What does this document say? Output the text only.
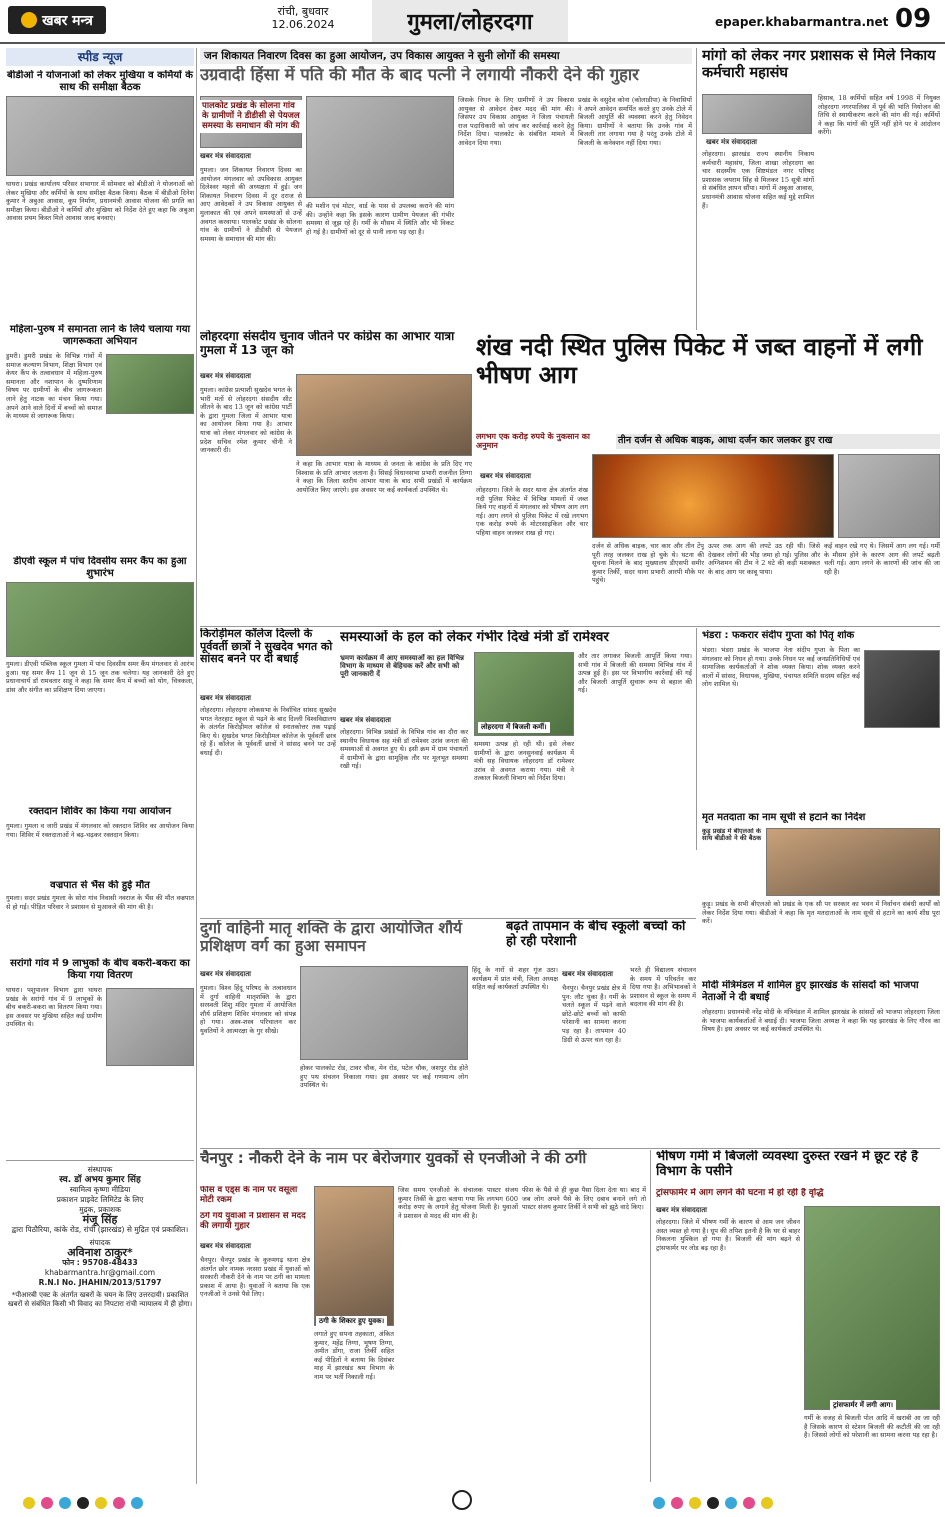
खबर मन्त्र
रांची, बुधवार
12.06.2024	गुमला/लोहरदगा	epaper.khabarmantra.net 09
स्पीड न्यूज
बीडीओ ने योजनाओं को लेकर मुखिया व कर्मियों के साथ की समीक्षा बैठक
घाघरा। प्रखंड कार्यालय परिसर सभागार में सोमवार को बीडीओ ने योजनाओं को लेकर मुखिया और कर्मियों के साथ समीक्षा बैठक किया। बैठक में बीडीओ दिनेश कुमार ने अबुआ आवास, कूप निर्माण, प्रधानमंत्री आवास योजना की प्रगति का समीक्षा किया। बीडीओ ने कर्मियों और मुखिया को निर्देश देते हुए कहा कि अबुआ आवास प्रथम किस्त मिले आवास जल्द बनवाएं।
महिला-पुरुष में समानता लाने के लिये चलाया गया जागरूकता अभियान
डुमरी। डुमरी प्रखंड के विभिन्न गांवों में समाज कल्याण विभाग, शिक्षा विभाग एवं केयर कैंप के तत्वावधान में महिला-पुरुष समानता और नशापान के दुष्परिणाम विषय पर ग्रामीणों के बीच जागरूकता लाने हेतु नाटक का मंचन किया गया। अपने आने वाले दिनों में बच्चों को समाज के माध्यम से जागरूक किया।
डीएवी स्कूल में पांच दिवसीय समर कैंप का हुआ शुभारंभ
गुमला। डीएवी पब्लिक स्कूल गुमला में पांच दिवसीय समर कैंप मंगलवार से आरंभ हुआ। यह समर कैंप 11 जून से 15 जून तक चलेगा। यह जानकारी देते हुए प्रधानाचार्य डॉ रामवतार साहू ने कहा कि समर कैंप में बच्चों को योग, चित्रकला, डांस और संगीत का प्रशिक्षण दिया जाएगा।
रक्तदान शिविर का किया गया आयोजन
गुमला। गुमला व जारी प्रखंड में मंगलवार को रक्तदान शिविर का आयोजन किया गया। शिविर में रक्तदाताओं ने बढ़-चढ़कर रक्तदान किया।
वज्रपात से भैंस की हुई मौत
गुमला। सदर प्रखंड गुमला के सोरा गांव निवासी नवराज के भैंस की मौत वज्रपात से हो गई। पीड़ित परिवार ने प्रशासन से मुआवजे की मांग की है।
सरांगो गांव में 9 लाभुकों के बीच बकरी-बकरा का किया गया वितरण
घाघरा। पशुपालन विभाग द्वारा घाघरा प्रखंड के सरांगो गांव में 9 लाभुकों के बीच बकरी-बकरा का वितरण किया गया। इस अवसर पर मुखिया सहित कई ग्रामीण उपस्थित थे।
संस्थापक
स्व. डॉ अभय कुमार सिंह
स्वामित्व कृष्णा मीडिया
प्रकाशन प्राइवेट लिमिटेड के लिए
मुद्रक, प्रकाशक
मंजू सिंह
द्वारा पिठौरिया, कांके रोड, रांची (झारखंड) से मुद्रित एवं प्रकाशित।
संपादक
अविनाश ठाकुर*
फोन : 95708-48433
khabarmantra.hr@gmail.com
R.N.I No. JHAHIN/2013/51797
*पीआरबी एक्ट के अंतर्गत खबरों के चयन के लिए उत्तरदायी। प्रकाशित खबरों से संबंधित किसी भी विवाद का निपटारा रांची न्यायालय में ही होगा।
जन शिकायत निवारण दिवस का हुआ आयोजन, उप विकास आयुक्त ने सुनी लोगों की समस्या
उग्रवादी हिंसा में पति की मौत के बाद पत्नी ने लगायी नौकरी देने की गुहार
पालकोट प्रखंड के सोलना गांव के ग्रामीणों ने डीडीसी से पेयजल समस्या के समाधान की मांग की
खबर मंत्र संवाददाता
गुमला। जन शिकायत निवारण दिवस का आयोजन मंगलवार को उपविकास आयुक्त दिलेश्वर महतो की अध्यक्षता में हुई। जन शिकायत निवारण दिवस में दूर दराज से आए आवेदकों ने उप विकास आयुक्त से मुलाकात की एवं अपने समस्याओं से उन्हें अवगत करवाया। पालकोट प्रखंड के सोलना गांव के ग्रामीणों ने डीडीसी से पेयजल समस्या के समाधान की मांग की।
की मशीन एवं मोटर, वार्ड के पास से उपलब्ध कराने की मांग की। उन्होंने कहा कि इसके कारण ग्रामीण पेयजल की गंभीर समस्या से जूझ रहे हैं। गर्मी के मौसम में स्थिति और भी विकट हो गई है। ग्रामीणों को दूर से पानी लाना पड़ रहा है।
जिसके निधन के लिए ग्रामीणों ने उप विकास आयुक्त से आवेदन देकर मदद की मांग की। जिसपर उप विकास आयुक्त ने जिला पंचायती राज पदाधिकारी को जांच कर कार्रवाई करने हेतु निर्देश दिया। पालकोट के संबंधित मामले में आवेदन दिया गया।
प्रखंड के वसुदेव कोना (कोलाडीपा) के निवासियों ने अपने आवेदन समर्पित करते हुए उनके टोले में बिजली आपूर्ति की व्यवस्था करने हेतु निवेदन किया। ग्रामीणों ने बताया कि उनके गांव में बिजली तार लगाया गया है परंतु उनके टोले में बिजली के कनेक्शन नहीं दिया गया।
मांगो को लेकर नगर प्रशासक से मिले निकाय कर्मचारी महासंघ
खबर मंत्र संवाददाता
लोहरदगा। झारखंड राज्य स्थानीय निकाय कर्मचारी महासंघ, जिला शाखा लोहरदगा का चार सदस्यीय एक शिष्टमंडल नगर परिषद प्रशासक जयराम सिंह से मिलकर 15 सूत्री मांगों से संबंधित ज्ञापन सौंपा। मांगों में अबुआ आवास, प्रधानमंत्री आवास योजना सहित कई मुद्दे शामिल हैं।
हिसाब, 18 कर्मियों सहित वर्ष 1998 में नियुक्त लोहरदगा नगरपालिका में पूर्व की भांति नियोजन की तिथि से स्थायीकरण करने की मांग की गई। कर्मियों ने कहा कि मांगों की पूर्ति नहीं होने पर वे आंदोलन करेंगे।
लोहरदगा संसदीय चुनाव जीतने पर कांग्रेस का आभार यात्रा गुमला में 13 जून को
खबर मंत्र संवाददाता
गुमला। कांग्रेस प्रत्याशी सुखदेव भगत के भारी मतों से लोहरदगा संसदीय सीट जीतने के बाद 13 जून को कांग्रेस पार्टी के द्वारा गुमला जिला में आभार यात्रा का आयोजन किया गया है। आभार यात्रा को लेकर मंगलवार को कांग्रेस के प्रदेश सचिव रमेश कुमार चीनी ने जानकारी दी।
ने कहा कि आभार यात्रा के माध्यम से जनता के कांग्रेस के प्रति दिए गए विश्वास के प्रति आभार जताना है। सिसई विधानसभा प्रभारी राजनील तिग्गा ने कहा कि जिला स्तरीय आभार यात्रा के बाद सभी प्रखंडों में कार्यक्रम आयोजित किए जाएंगे। इस अवसर पर कई कार्यकर्ता उपस्थित थे।
शंख नदी स्थित पुलिस पिकेट में जब्त वाहनों में लगी भीषण आग
लगभग एक करोड़ रुपये के नुकसान का अनुमान	तीन दर्जन से अधिक बाइक, आधा दर्जन कार जलकर हुए राख
खबर मंत्र संवाददाता
लोहरदगा। जिले के सदर थाना क्षेत्र अंतर्गत शंख नदी पुलिस पिकेट में विभिन्न मामलों में जब्त किये गए वाहनों में मंगलवार को भीषण आग लग गई। आग लगने से पुलिस पिकेट में रखे लगभग एक करोड़ रुपये के मोटरसाइकिल और चार पहिया वाहन जलकर राख हो गए।
दर्जन से अधिक बाइक, चार कार और तीन टेंपू पूरी तरह जलकर राख हो चुके थे। घटना की सूचना मिलने के बाद मुख्यालय डीएसपी समीर कुमार तिर्की, सदर थाना प्रभारी आरपी मौके पर पहुंचे।
ऊपर तक आग की लपटे उठ रही थी। जिसे देखकर लोगों की भीड़ जमा हो गई। पुलिस और अग्निशमन की टीम ने 2 घंटे की कड़ी मशक्कत के बाद आग पर काबू पाया।
कई वाहन रखे गए थे। जिसमें आग लग गई। गर्मी के मौसम होने के कारण आग की लपटें बढ़ती चली गई। आग लगने के कारणों की जांच की जा रही है।
किरोड़ीमल कॉलेज दिल्ली के पूर्ववर्ती छात्रों ने सुखदेव भगत को सांसद बनने पर दी बधाई
खबर मंत्र संवाददाता
लोहरदगा। लोहरदगा लोकसभा के निर्वाचित सांसद सुखदेव भगत नेतरहाट स्कूल से पढ़ने के बाद दिल्ली विश्वविद्यालय के अंतर्गत किरोड़ीमल कॉलेज से स्नातकोत्तर तक पढ़ाई किए थे। सुखदेव भगत किरोड़ीमल कॉलेज के पूर्ववर्ती छात्र रहे हैं। कॉलेज के पूर्ववर्ती छात्रों ने सांसद बनने पर उन्हें बधाई दी।
समस्याओं के हल को लेकर गंभीर दिखे मंत्री डॉ रामेश्वर
भ्रमण कार्यक्रम में आए समस्याओं का हल विभिन्न विभाग के माध्यम से बेहिचक करें और सभी को पूरी जानकारी दें
खबर मंत्र संवाददाता
लोहरदगा में बिजली कर्मी।
लोहरदगा। विभिन्न प्रखंडों के विभिन्न गांव का दौरा कर स्थानीय विधायक सह मंत्री डॉ रामेश्वर उरांव जनता की समस्याओं से अवगत हुए थे। इसी क्रम में ग्राम पंचायतों में ग्रामीणों के द्वारा सामूहिक तौर पर मूलभूत समस्या रखी गई।
समस्या उत्पन्न हो रही थी। इसे लेकर ग्रामीणों के द्वारा जनसुनवाई कार्यक्रम में मंत्री सह विधायक लोहरदगा डॉ रामेश्वर उरांव से अवगत कराया गया। मंत्री ने तत्काल बिजली विभाग को निर्देश दिया।
और तार लगाकर बिजली आपूर्ति किया गया। सभी गांव में बिजली की समस्या विभिन्न गांव में उत्पन्न हुई है। इस पर विभागीय कार्रवाई की गई और बिजली आपूर्ति सुचारू रूप से बहाल की गई।
भंडरा : फकरार संदीप गुप्ता को पितृ शोक
भंडरा। भंडरा प्रखंड के भाजपा नेता संदीप गुप्ता के पिता का मंगलवार को निधन हो गया। उनके निधन पर कई जनप्रतिनिधियों एवं सामाजिक कार्यकर्ताओं ने शोक व्यक्त किया। शोक व्यक्त करने वालों में सांसद, विधायक, मुखिया, पंचायत समिति सदस्य सहित कई लोग शामिल थे।
मृत मतदाता का नाम सूची से हटाने का निर्देश
कुड़ू प्रखंड में बीएलओ के साथ बीडीओ ने की बैठक
कुड़ू। प्रखंड के सभी बीएलओ को प्रखंड के एक सौ पर सरकार का भवन में निर्वाचन संबंधी कार्यों को लेकर निर्देश दिया गया। बीडीओ ने कहा कि मृत मतदाताओं के नाम सूची से हटाने का कार्य शीघ्र पूरा करें।
मोदी मंत्रिमंडल में शामिल हुए झारखंड के सांसदों को भाजपा नेताओं ने दी बधाई
लोहरदगा। प्रधानमंत्री नरेंद्र मोदी के मंत्रिमंडल में शामिल झारखंड के सांसदों को भाजपा लोहरदगा जिला के भाजपा कार्यकर्ताओं ने बधाई दी। भाजपा जिला अध्यक्ष ने कहा कि यह झारखंड के लिए गौरव का विषय है। इस अवसर पर कई कार्यकर्ता उपस्थित थे।
दुर्गा वाहिनी मातृ शक्ति के द्वारा आयोजित शौर्य प्रशिक्षण वर्ग का हुआ समापन
खबर मंत्र संवाददाता
गुमला। विश्व हिंदू परिषद के तत्वावधान में दुर्गा वाहिनी मातृशक्ति के द्वारा सरस्वती शिशु मंदिर गुमला में आयोजित शौर्य प्रशिक्षण शिविर मंगलवार को संपन्न हो गया। अस्त्र-शस्त्र परिचालन कर युवतियों ने आत्मरक्षा के गुर सीखे।
होकर पालकोट रोड, टावर चौक, मेन रोड, पटेल चौक, जशपुर रोड होते हुए पथ संचलन निकाला गया। इस अवसर पर कई गणमान्य लोग उपस्थित थे।
हिंदू के नारों से शहर गूंज उठा। कार्यक्रम में प्रांत मंत्री, जिला अध्यक्ष सहित कई कार्यकर्ता उपस्थित थे।
बढ़ते तापमान के बीच स्कूली बच्चों को हो रही परेशानी
खबर मंत्र संवाददाता
चैनपुर। चैनपुर प्रखंड क्षेत्र में पुन: लौट चुका है। गर्मी के चलते स्कूल में पढ़ने वाले छोटे-छोटे बच्चों को काफी परेशानी का सामना करना पड़ रहा है। तापमान 40 डिग्री से ऊपर चल रहा है।
भरते ही विद्यालय संचालन के समय में परिवर्तन कर दिया गया है। अभिभावकों ने प्रशासन से स्कूल के समय में बदलाव की मांग की है।
चैनपुर : नौकरी देने के नाम पर बेरोजगार युवकों से एनजीओ ने की ठगी
फीस व एड्स के नाम पर वसूला मोटी रकम
ठगे गये युवाओं ने प्रशासन से मदद की लगायी गुहार
खबर मंत्र संवाददाता
चैनपुर। चैनपुर प्रखंड के कुरुमगढ़ थाना क्षेत्र अंतर्गत छोर नामक नरसरा प्रखंड में युवाओं को सरकारी नौकरी देने के नाम पर ठगी का मामला प्रकाश में आया है। युवाओं ने बताया कि एक एनजीओ ने उनसे पैसे लिए।
ठगी के शिकार हुए युवक।
लगाते हुए सपना तहकाता, अंकित कुमार, महेंद्र तिग्गा, भूषण तिग्गा, अमीत डोंगा, राजा तिर्की सहित कई पीड़ितों ने बताया कि दिसंबर माह में झारखंड श्रम विभाग के नाम पर भर्ती निकाली गई।
जिस समय एनजीओ के संचालक पास्टर संजय कुमार तिर्की के द्वारा बताया गया कि लगभग 600 करोड़ रुपए के लगाने हेतु योजना मिली है। युवाओं ने प्रशासन से मदद की मांग की है।
फीस के पैसे से ही कुछ पैसा दिला देता था। बाद में जब लोग अपने पैसे के लिए दबाव बनाने लगे तो पास्टर संजय कुमार तिर्की ने सभी को झूठे वादे किए।
भीषण गर्मी में बिजली व्यवस्था दुरुस्त रखने में छूट रहे है विभाग के पसीने
ट्रांसफार्मर में आग लगने की घटना में हो रही है वृद्धि
खबर मंत्र संवाददाता
लोहरदगा। जिले में भीषण गर्मी के कारण से आम जन जीवन अस्त व्यस्त हो गया है। धूप की तपिश इतनी है कि घर से बाहर निकलना मुश्किल हो गया है। बिजली की मांग बढ़ने से ट्रांसफार्मर पर लोड बढ़ रहा है।
ट्रांसफार्मर में लगी आग।
गर्मी के वजह से बिजली पोल आदि में खराबी आ जा रही है जिसके कारण से स्टेशन बिजली की कटौती की जा रही है। जिससे लोगों को परेशानी का सामना करना पड़ रहा है।
